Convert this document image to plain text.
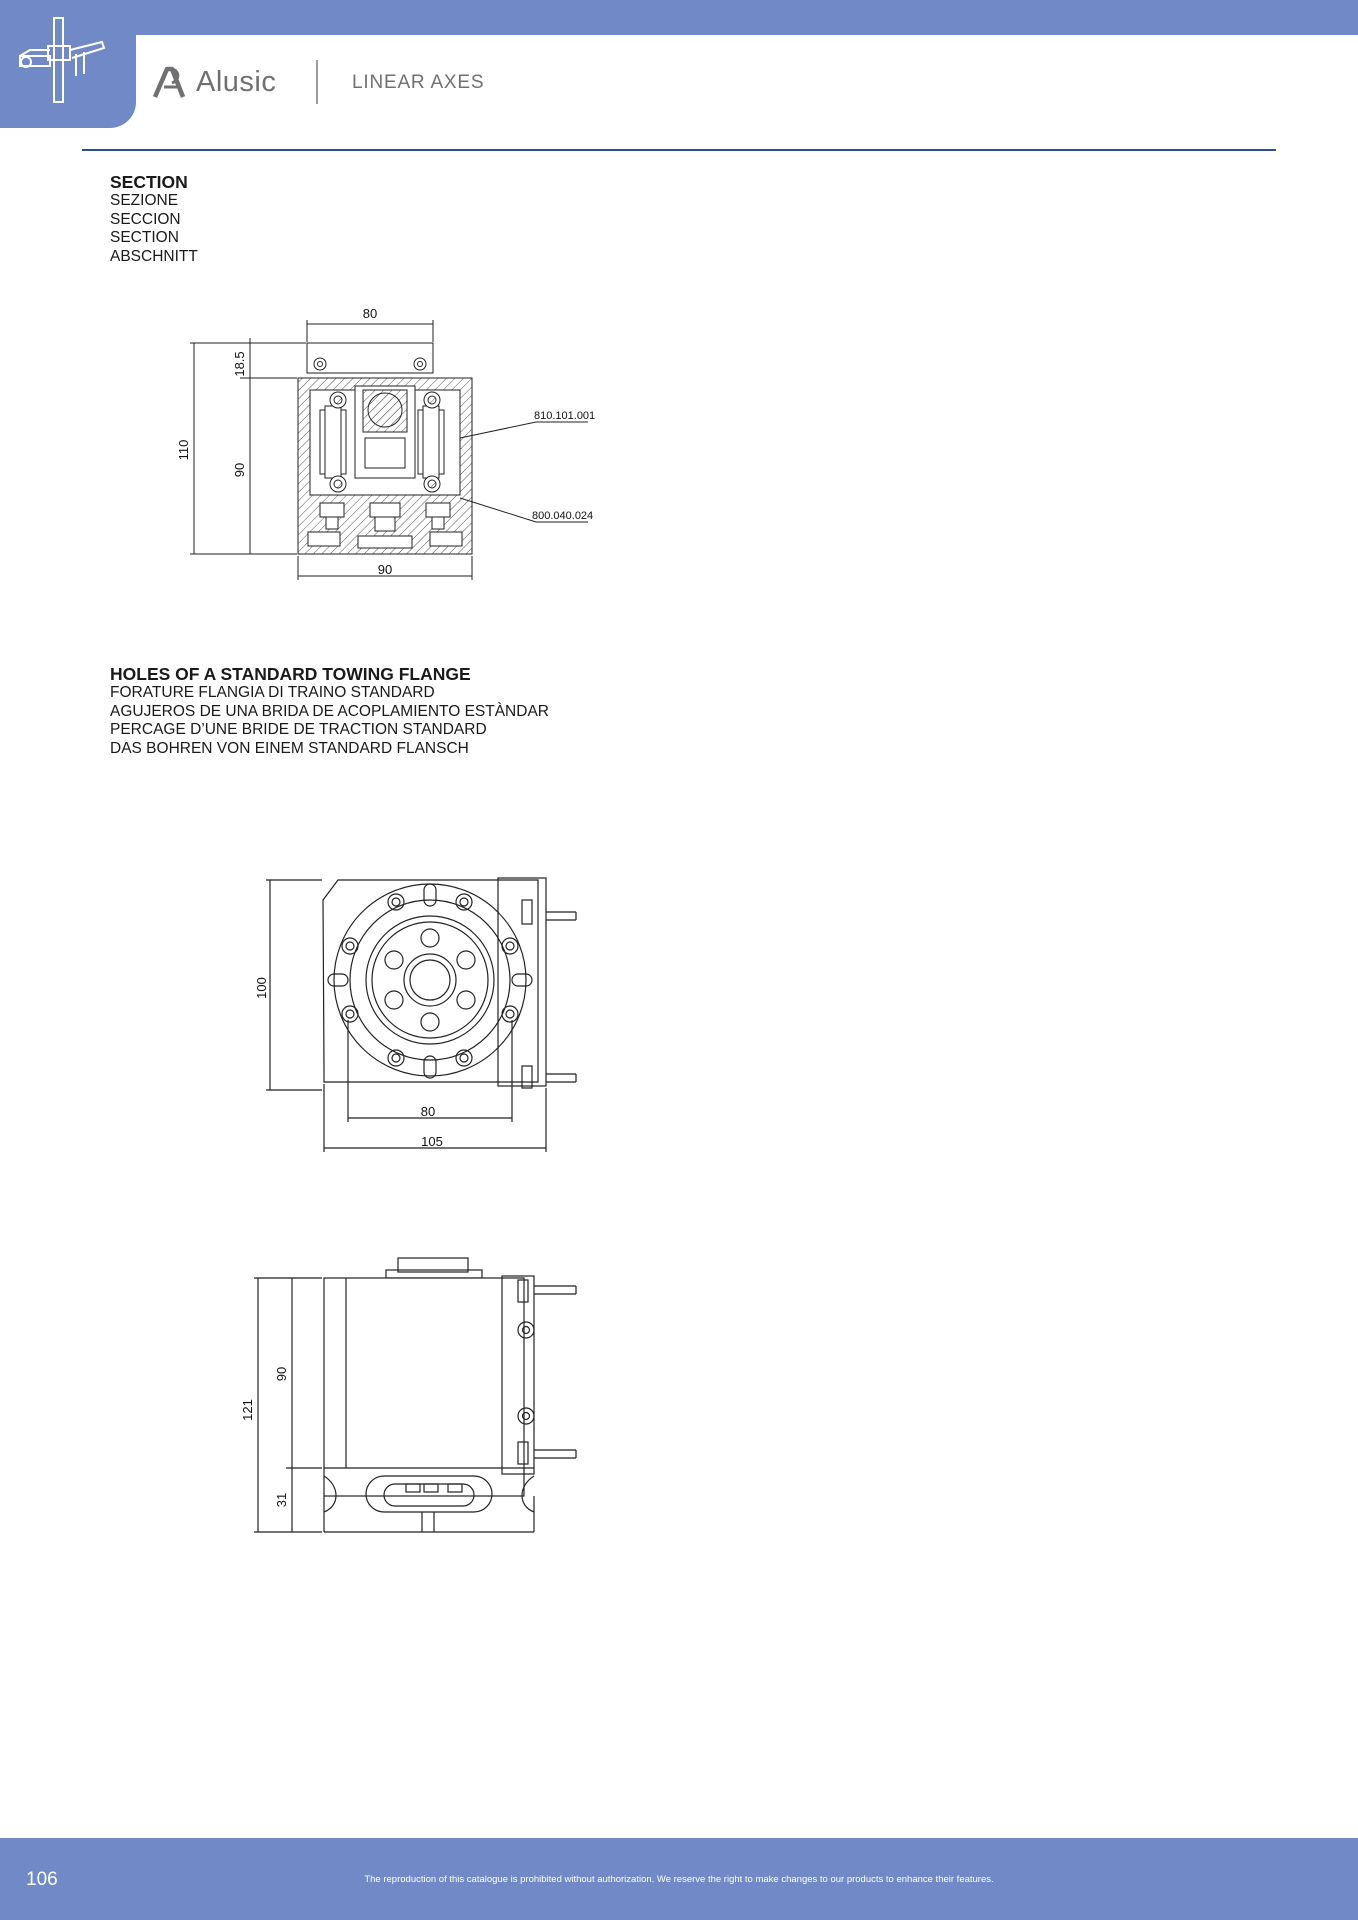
Alusic	LINEAR AXES
SECTION
SEZIONE
SECCION
SECTION
ABSCHNITT
80
18.5
110
90
90
810.101.001
800.040.024
HOLES OF A STANDARD TOWING FLANGE
FORATURE FLANGIA DI TRAINO STANDARD
AGUJEROS DE UNA BRIDA DE ACOPLAMIENTO ESTÀNDAR
PERCAGE D’UNE BRIDE DE TRACTION STANDARD
DAS BOHREN VON EINEM STANDARD FLANSCH
100
80
105
121
90
31
106	The reproduction of this catalogue is prohibited without authorization. We reserve the right to make changes to our products to enhance their features.
